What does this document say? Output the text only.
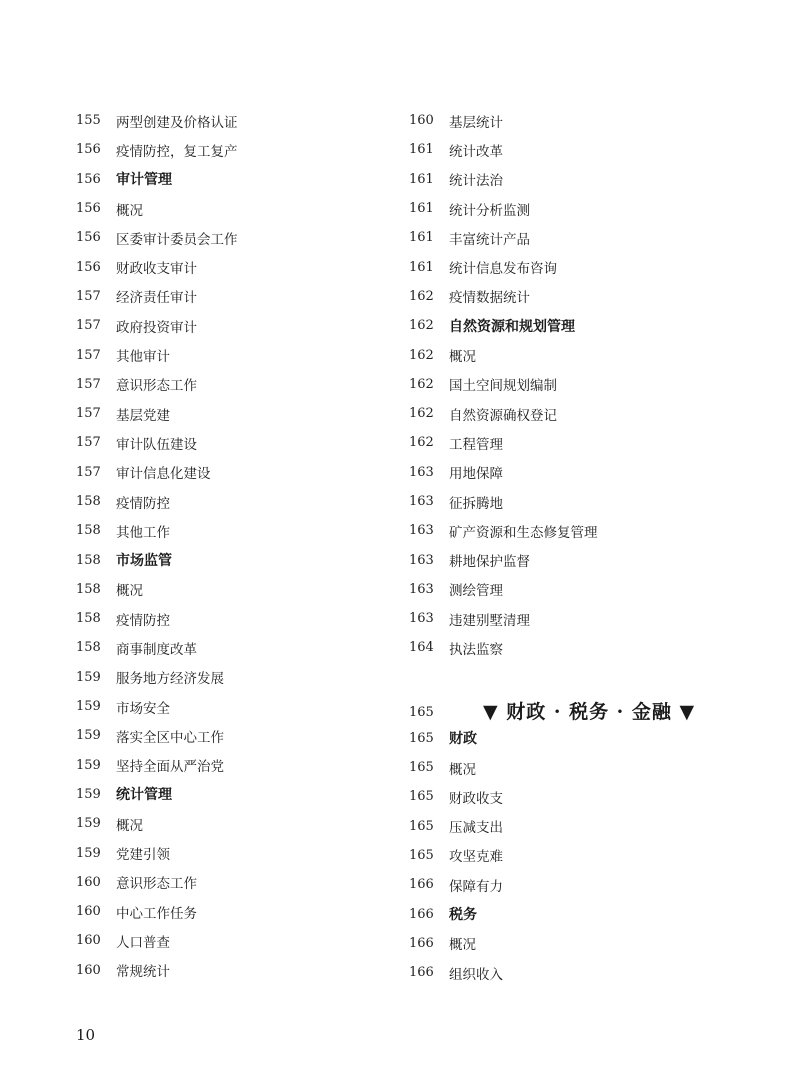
155	两型创建及价格认证
156	疫情防控，复工复产
156	审计管理
156	概况
156	区委审计委员会工作
156	财政收支审计
157	经济责任审计
157	政府投资审计
157	其他审计
157	意识形态工作
157	基层党建
157	审计队伍建设
157	审计信息化建设
158	疫情防控
158	其他工作
158	市场监管
158	概况
158	疫情防控
158	商事制度改革
159	服务地方经济发展
159	市场安全
159	落实全区中心工作
159	坚持全面从严治党
159	统计管理
159	概况
159	党建引领
160	意识形态工作
160	中心工作任务
160	人口普查
160	常规统计
160	基层统计
161	统计改革
161	统计法治
161	统计分析监测
161	丰富统计产品
161	统计信息发布咨询
162	疫情数据统计
162	自然资源和规划管理
162	概况
162	国土空间规划编制
162	自然资源确权登记
162	工程管理
163	用地保障
163	征拆腾地
163	矿产资源和生态修复管理
163	耕地保护监督
163	测绘管理
163	违建别墅清理
164	执法监察
165	▼ 财政 · 税务 · 金融 ▼
165	财政
165	概况
165	财政收支
165	压减支出
165	攻坚克难
166	保障有力
166	税务
166	概况
166	组织收入
10
